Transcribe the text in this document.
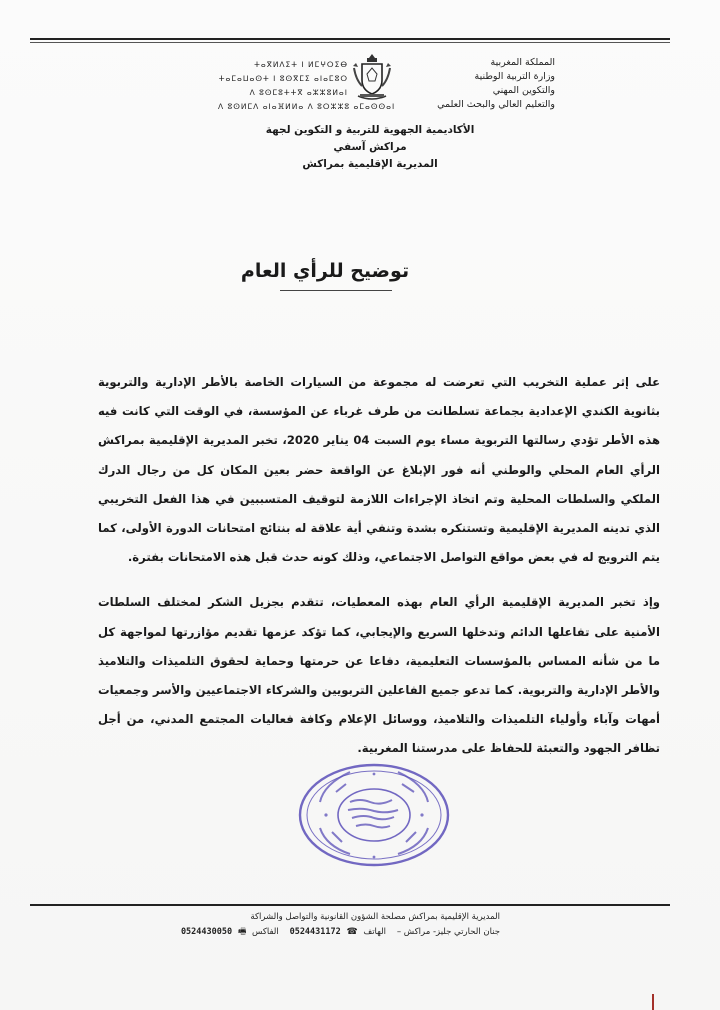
ⵜⴰⴳⵍⴷⵉⵜ ⵏ ⵍⵎⵖⵔⵉⴱ
ⵜⴰⵎⴰⵡⴰⵙⵜ ⵏ ⵓⵙⴳⵎⵉ ⴰⵏⴰⵎⵓⵔ
ⴷ ⵓⵙⵎⵓⵜⵜⴳ ⴰⵣⵣⵓⵍⴰⵏ
ⴷ ⵓⵙⵍⵎⴷ ⴰⵏⴰⴼⵍⵍⴰ ⴷ ⵓⵔⵣⵣⵓ ⴰⵎⴰⵙⵙⴰⵏ
المملكة المغربية
وزارة التربية الوطنية
والتكوين المهني
والتعليم العالي والبحث العلمي
الأكاديمية الجهوية للتربية و التكوين لجهة مراكش آسفي
المديرية الإقليمية بمراكش
توضيح للرأي العام

على إثر عملية التخريب التي تعرضت له مجموعة من السيارات الخاصة بالأطر الإدارية والتربوية بثانوية الكندي الإعدادية بجماعة تسلطانت من طرف غرباء عن المؤسسة، في الوقت التي كانت فيه هذه الأطر تؤدي رسالتها التربوية مساء يوم السبت 04 يناير 2020، تخبر المديرية الإقليمية بمراكش الرأي العام المحلي والوطني أنه فور الإبلاغ عن الواقعة حضر بعين المكان كل من رجال الدرك الملكي والسلطات المحلية وتم اتخاذ الإجراءات اللازمة لتوقيف المتسببين في هذا الفعل التخريبي الذي تدينه المديرية الإقليمية وتستنكره بشدة وتنفي أية علاقة له بنتائج امتحانات الدورة الأولى، كما يتم الترويج له في بعض مواقع التواصل الاجتماعي، وذلك كونه حدث قبل هذه الامتحانات بفترة.

وإذ تخبر المديرية الإقليمية الرأي العام بهذه المعطيات، تتقدم بجزيل الشكر لمختلف السلطات الأمنية على تفاعلها الدائم وتدخلها السريع والإيجابي، كما تؤكد عزمها تقديم مؤازرتها لمواجهة كل ما من شأنه المساس بالمؤسسات التعليمية، دفاعا عن حرمتها وحماية لحقوق التلميذات والتلاميذ والأطر الإدارية والتربوية. كما تدعو جميع الفاعلين التربويين والشركاء الاجتماعيين والأسر وجمعيات أمهات وآباء وأولياء التلميذات والتلاميذ، ووسائل الإعلام وكافة فعاليات المجتمع المدني، من أجل تظافر الجهود والتعبئة للحفاظ على مدرستنا المغربية.

المديرية الإقليمية بمراكش مصلحة الشؤون القانونية والتواصل والشراكة
جنان الحارتي جليز- مراكش –    الهاتف ☎ 0524431172    الفاكس 🖷 0524430050
